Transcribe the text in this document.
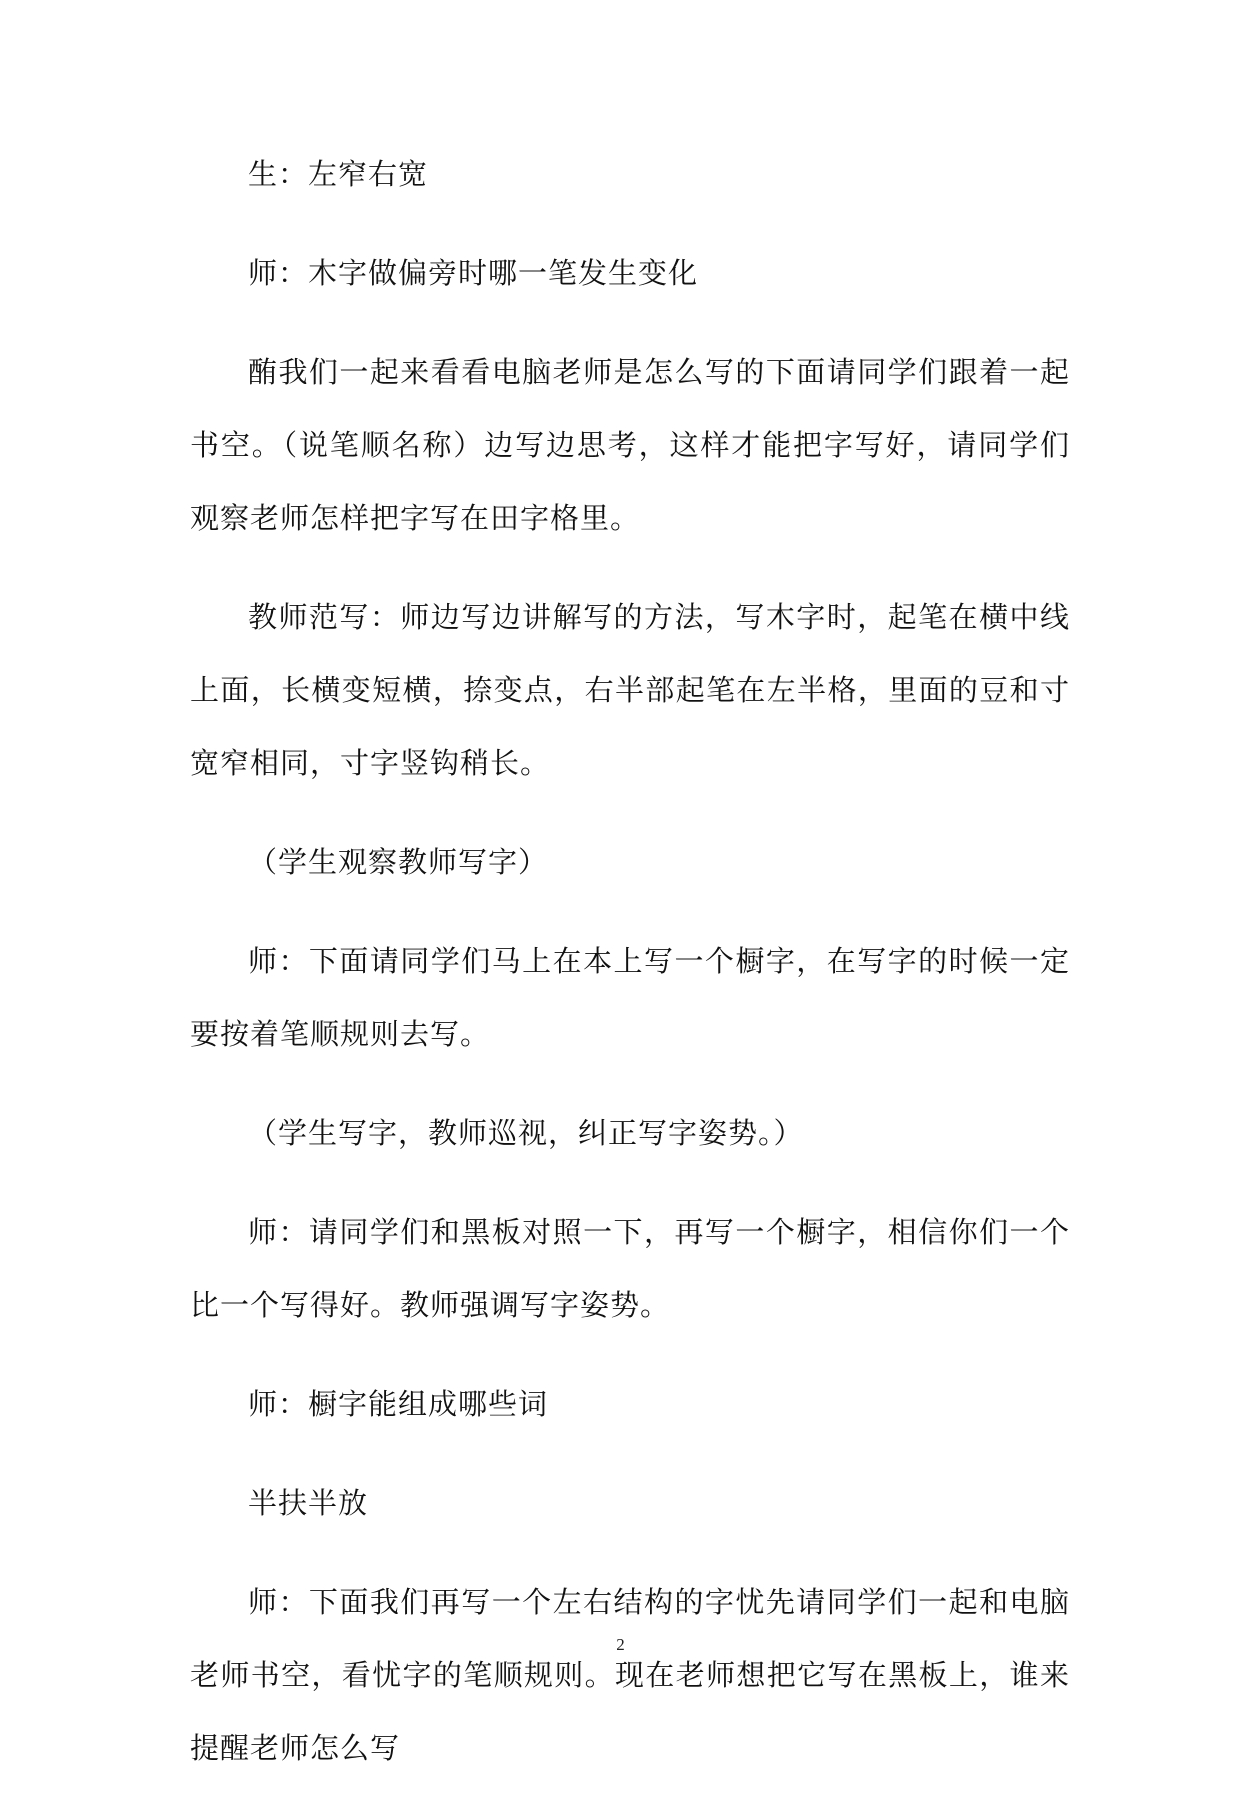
生：左窄右宽

师：木字做偏旁时哪一笔发生变化

酭我们一起来看看电脑老师是怎么写的下面请同学们跟着一起书空。（说笔顺名称）边写边思考，这样才能把字写好，请同学们观察老师怎样把字写在田字格里。

教师范写：师边写边讲解写的方法，写木字时，起笔在横中线上面，长横变短横，捺变点，右半部起笔在左半格，里面的豆和寸宽窄相同，寸字竖钩稍长。

（学生观察教师写字）

师：下面请同学们马上在本上写一个橱字，在写字的时候一定要按着笔顺规则去写。

（学生写字，教师巡视，纠正写字姿势。）

师：请同学们和黑板对照一下，再写一个橱字，相信你们一个比一个写得好。教师强调写字姿势。

师：橱字能组成哪些词

半扶半放

师：下面我们再写一个左右结构的字忧先请同学们一起和电脑老师书空，看忧字的笔顺规则。现在老师想把它写在黑板上，谁来提醒老师怎么写

2
